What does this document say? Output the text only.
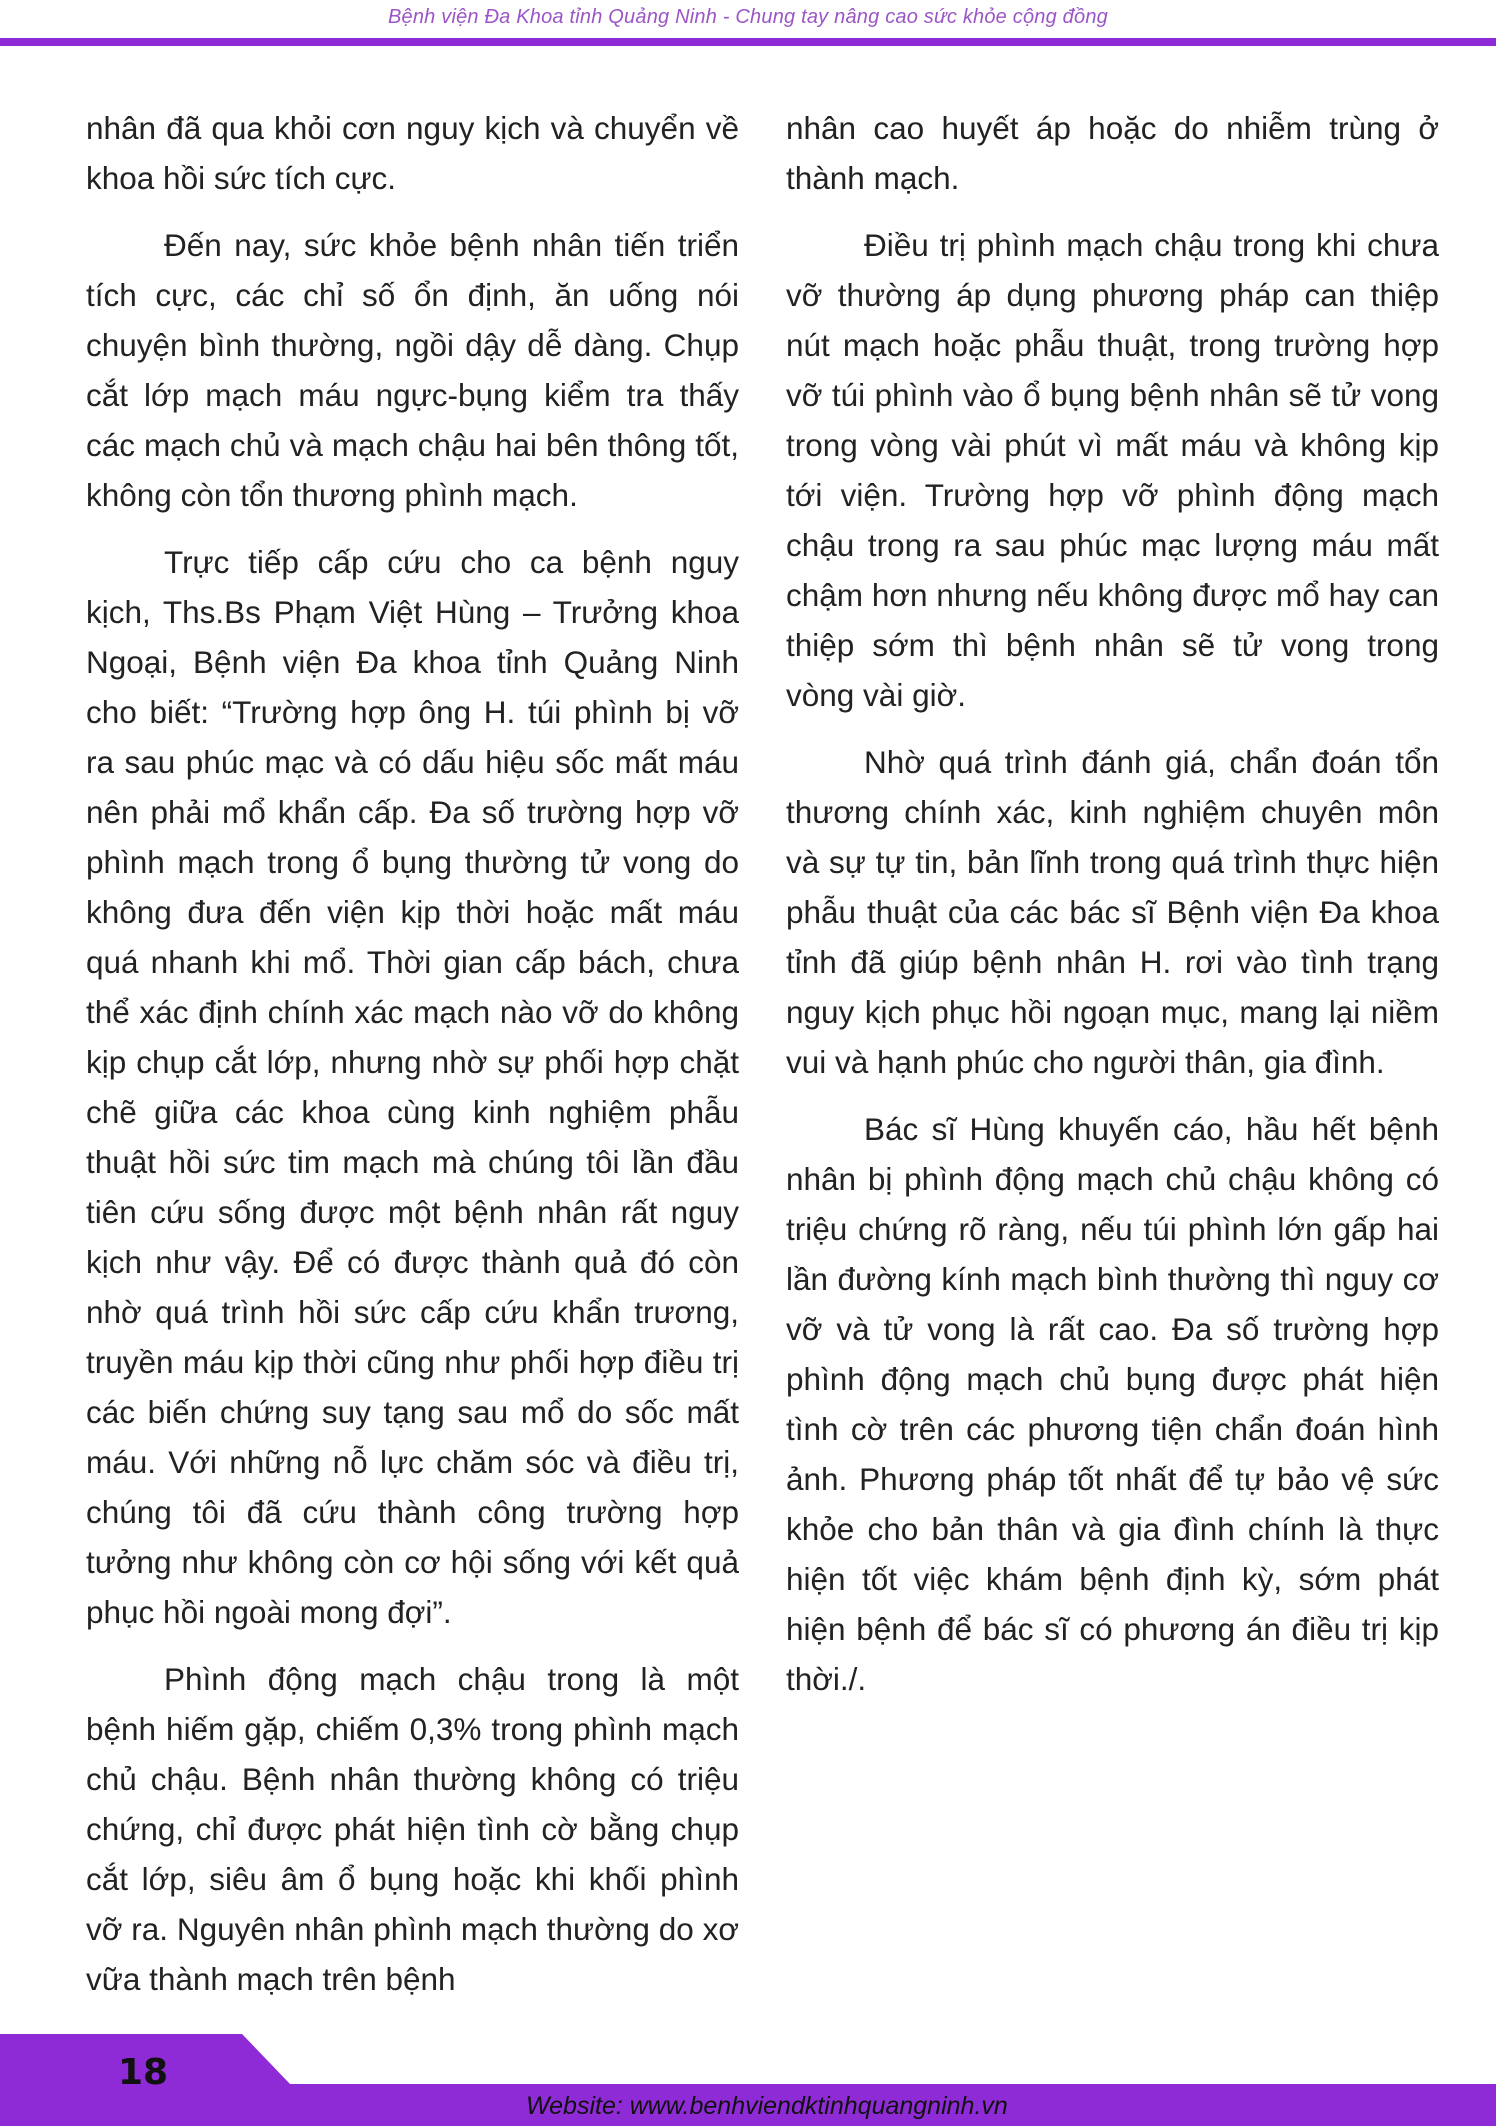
Bệnh viện Đa Khoa tỉnh Quảng Ninh - Chung tay nâng cao sức khỏe cộng đồng

nhân đã qua khỏi cơn nguy kịch và chuyển về khoa hồi sức tích cực.

Đến nay, sức khỏe bệnh nhân tiến triển tích cực, các chỉ số ổn định, ăn uống nói chuyện bình thường, ngồi dậy dễ dàng. Chụp cắt lớp mạch máu ngực-bụng kiểm tra thấy các mạch chủ và mạch chậu hai bên thông tốt, không còn tổn thương phình mạch.

Trực tiếp cấp cứu cho ca bệnh nguy kịch, Ths.Bs Phạm Việt Hùng – Trưởng khoa Ngoại, Bệnh viện Đa khoa tỉnh Quảng Ninh cho biết: “Trường hợp ông H. túi phình bị vỡ ra sau phúc mạc và có dấu hiệu sốc mất máu nên phải mổ khẩn cấp. Đa số trường hợp vỡ phình mạch trong ổ bụng thường tử vong do không đưa đến viện kịp thời hoặc mất máu quá nhanh khi mổ. Thời gian cấp bách, chưa thể xác định chính xác mạch nào vỡ do không kịp chụp cắt lớp, nhưng nhờ sự phối hợp chặt chẽ giữa các khoa cùng kinh nghiệm phẫu thuật hồi sức tim mạch mà chúng tôi lần đầu tiên cứu sống được một bệnh nhân rất nguy kịch như vậy. Để có được thành quả đó còn nhờ quá trình hồi sức cấp cứu khẩn trương, truyền máu kịp thời cũng như phối hợp điều trị các biến chứng suy tạng sau mổ do sốc mất máu. Với những nỗ lực chăm sóc và điều trị, chúng tôi đã cứu thành công trường hợp tưởng như không còn cơ hội sống với kết quả phục hồi ngoài mong đợi”.

Phình động mạch chậu trong là một bệnh hiếm gặp, chiếm 0,3% trong phình mạch chủ chậu. Bệnh nhân thường không có triệu chứng, chỉ được phát hiện tình cờ bằng chụp cắt lớp, siêu âm ổ bụng hoặc khi khối phình vỡ ra. Nguyên nhân phình mạch thường do xơ vữa thành mạch trên bệnh

nhân cao huyết áp hoặc do nhiễm trùng ở thành mạch.

Điều trị phình mạch chậu trong khi chưa vỡ thường áp dụng phương pháp can thiệp nút mạch hoặc phẫu thuật, trong trường hợp vỡ túi phình vào ổ bụng bệnh nhân sẽ tử vong trong vòng vài phút vì mất máu và không kịp tới viện. Trường hợp vỡ phình động mạch chậu trong ra sau phúc mạc lượng máu mất chậm hơn nhưng nếu không được mổ hay can thiệp sớm thì bệnh nhân sẽ tử vong trong vòng vài giờ.

Nhờ quá trình đánh giá, chẩn đoán tổn thương chính xác, kinh nghiệm chuyên môn và sự tự tin, bản lĩnh trong quá trình thực hiện phẫu thuật của các bác sĩ Bệnh viện Đa khoa tỉnh đã giúp bệnh nhân H. rơi vào tình trạng nguy kịch phục hồi ngoạn mục, mang lại niềm vui và hạnh phúc cho người thân, gia đình.

Bác sĩ Hùng khuyến cáo, hầu hết bệnh nhân bị phình động mạch chủ chậu không có triệu chứng rõ ràng, nếu túi phình lớn gấp hai lần đường kính mạch bình thường thì nguy cơ vỡ và tử vong là rất cao. Đa số trường hợp phình động mạch chủ bụng được phát hiện tình cờ trên các phương tiện chẩn đoán hình ảnh. Phương pháp tốt nhất để tự bảo vệ sức khỏe cho bản thân và gia đình chính là thực hiện tốt việc khám bệnh định kỳ, sớm phát hiện bệnh để bác sĩ có phương án điều trị kịp thời./.

18
Website: www.benhviendktinhquangninh.vn
